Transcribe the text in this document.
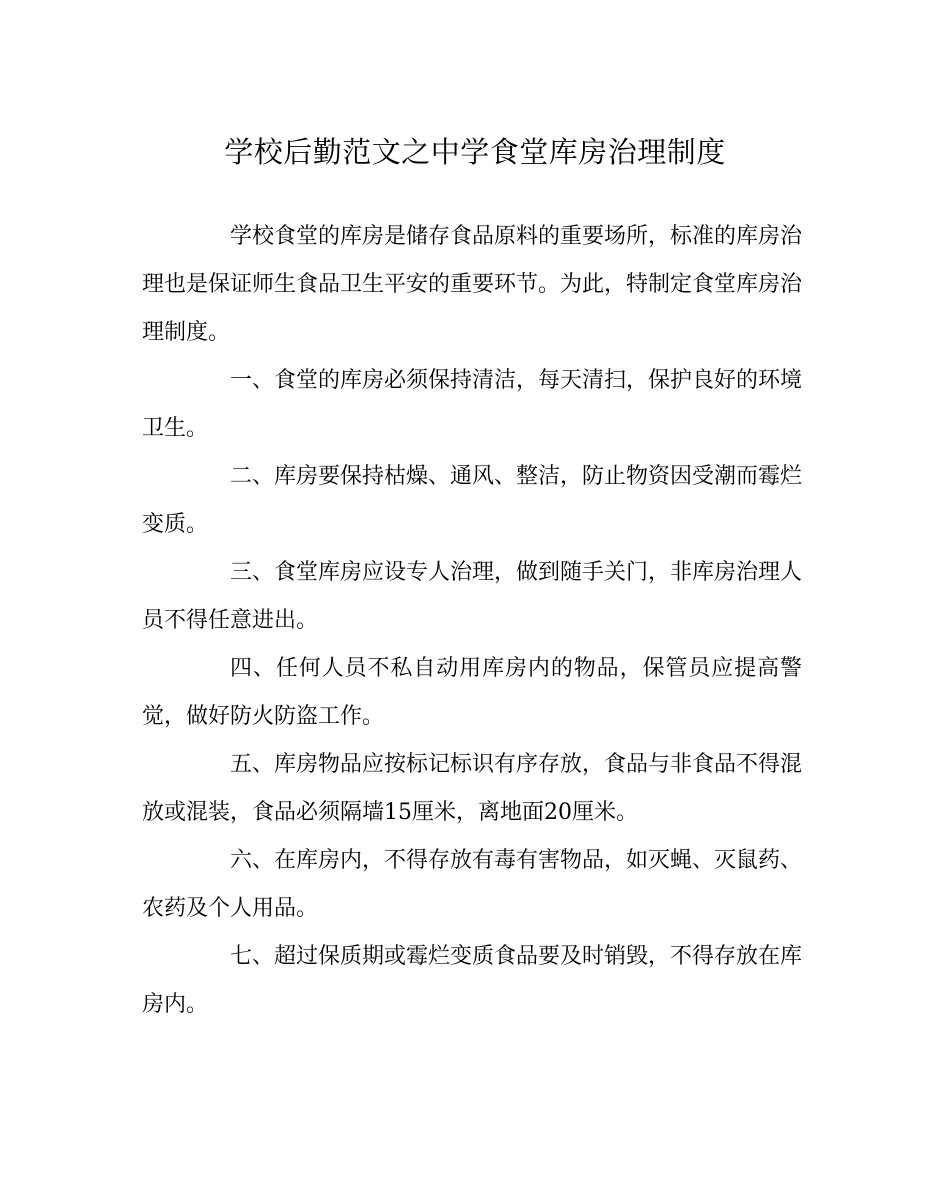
学校后勤范文之中学食堂库房治理制度

学校食堂的库房是储存食品原料的重要场所，标准的库房治理也是保证师生食品卫生平安的重要环节。为此，特制定食堂库房治理制度。

一、食堂的库房必须保持清洁，每天清扫，保护良好的环境卫生。

二、库房要保持枯燥、通风、整洁，防止物资因受潮而霉烂变质。

三、食堂库房应设专人治理，做到随手关门，非库房治理人员不得任意进出。

四、任何人员不私自动用库房内的物品，保管员应提高警觉，做好防火防盗工作。

五、库房物品应按标记标识有序存放，食品与非食品不得混放或混装，食品必须隔墙15厘米，离地面20厘米。

六、在库房内，不得存放有毒有害物品，如灭蝇、灭鼠药、农药及个人用品。

七、超过保质期或霉烂变质食品要及时销毁，不得存放在库房内。
